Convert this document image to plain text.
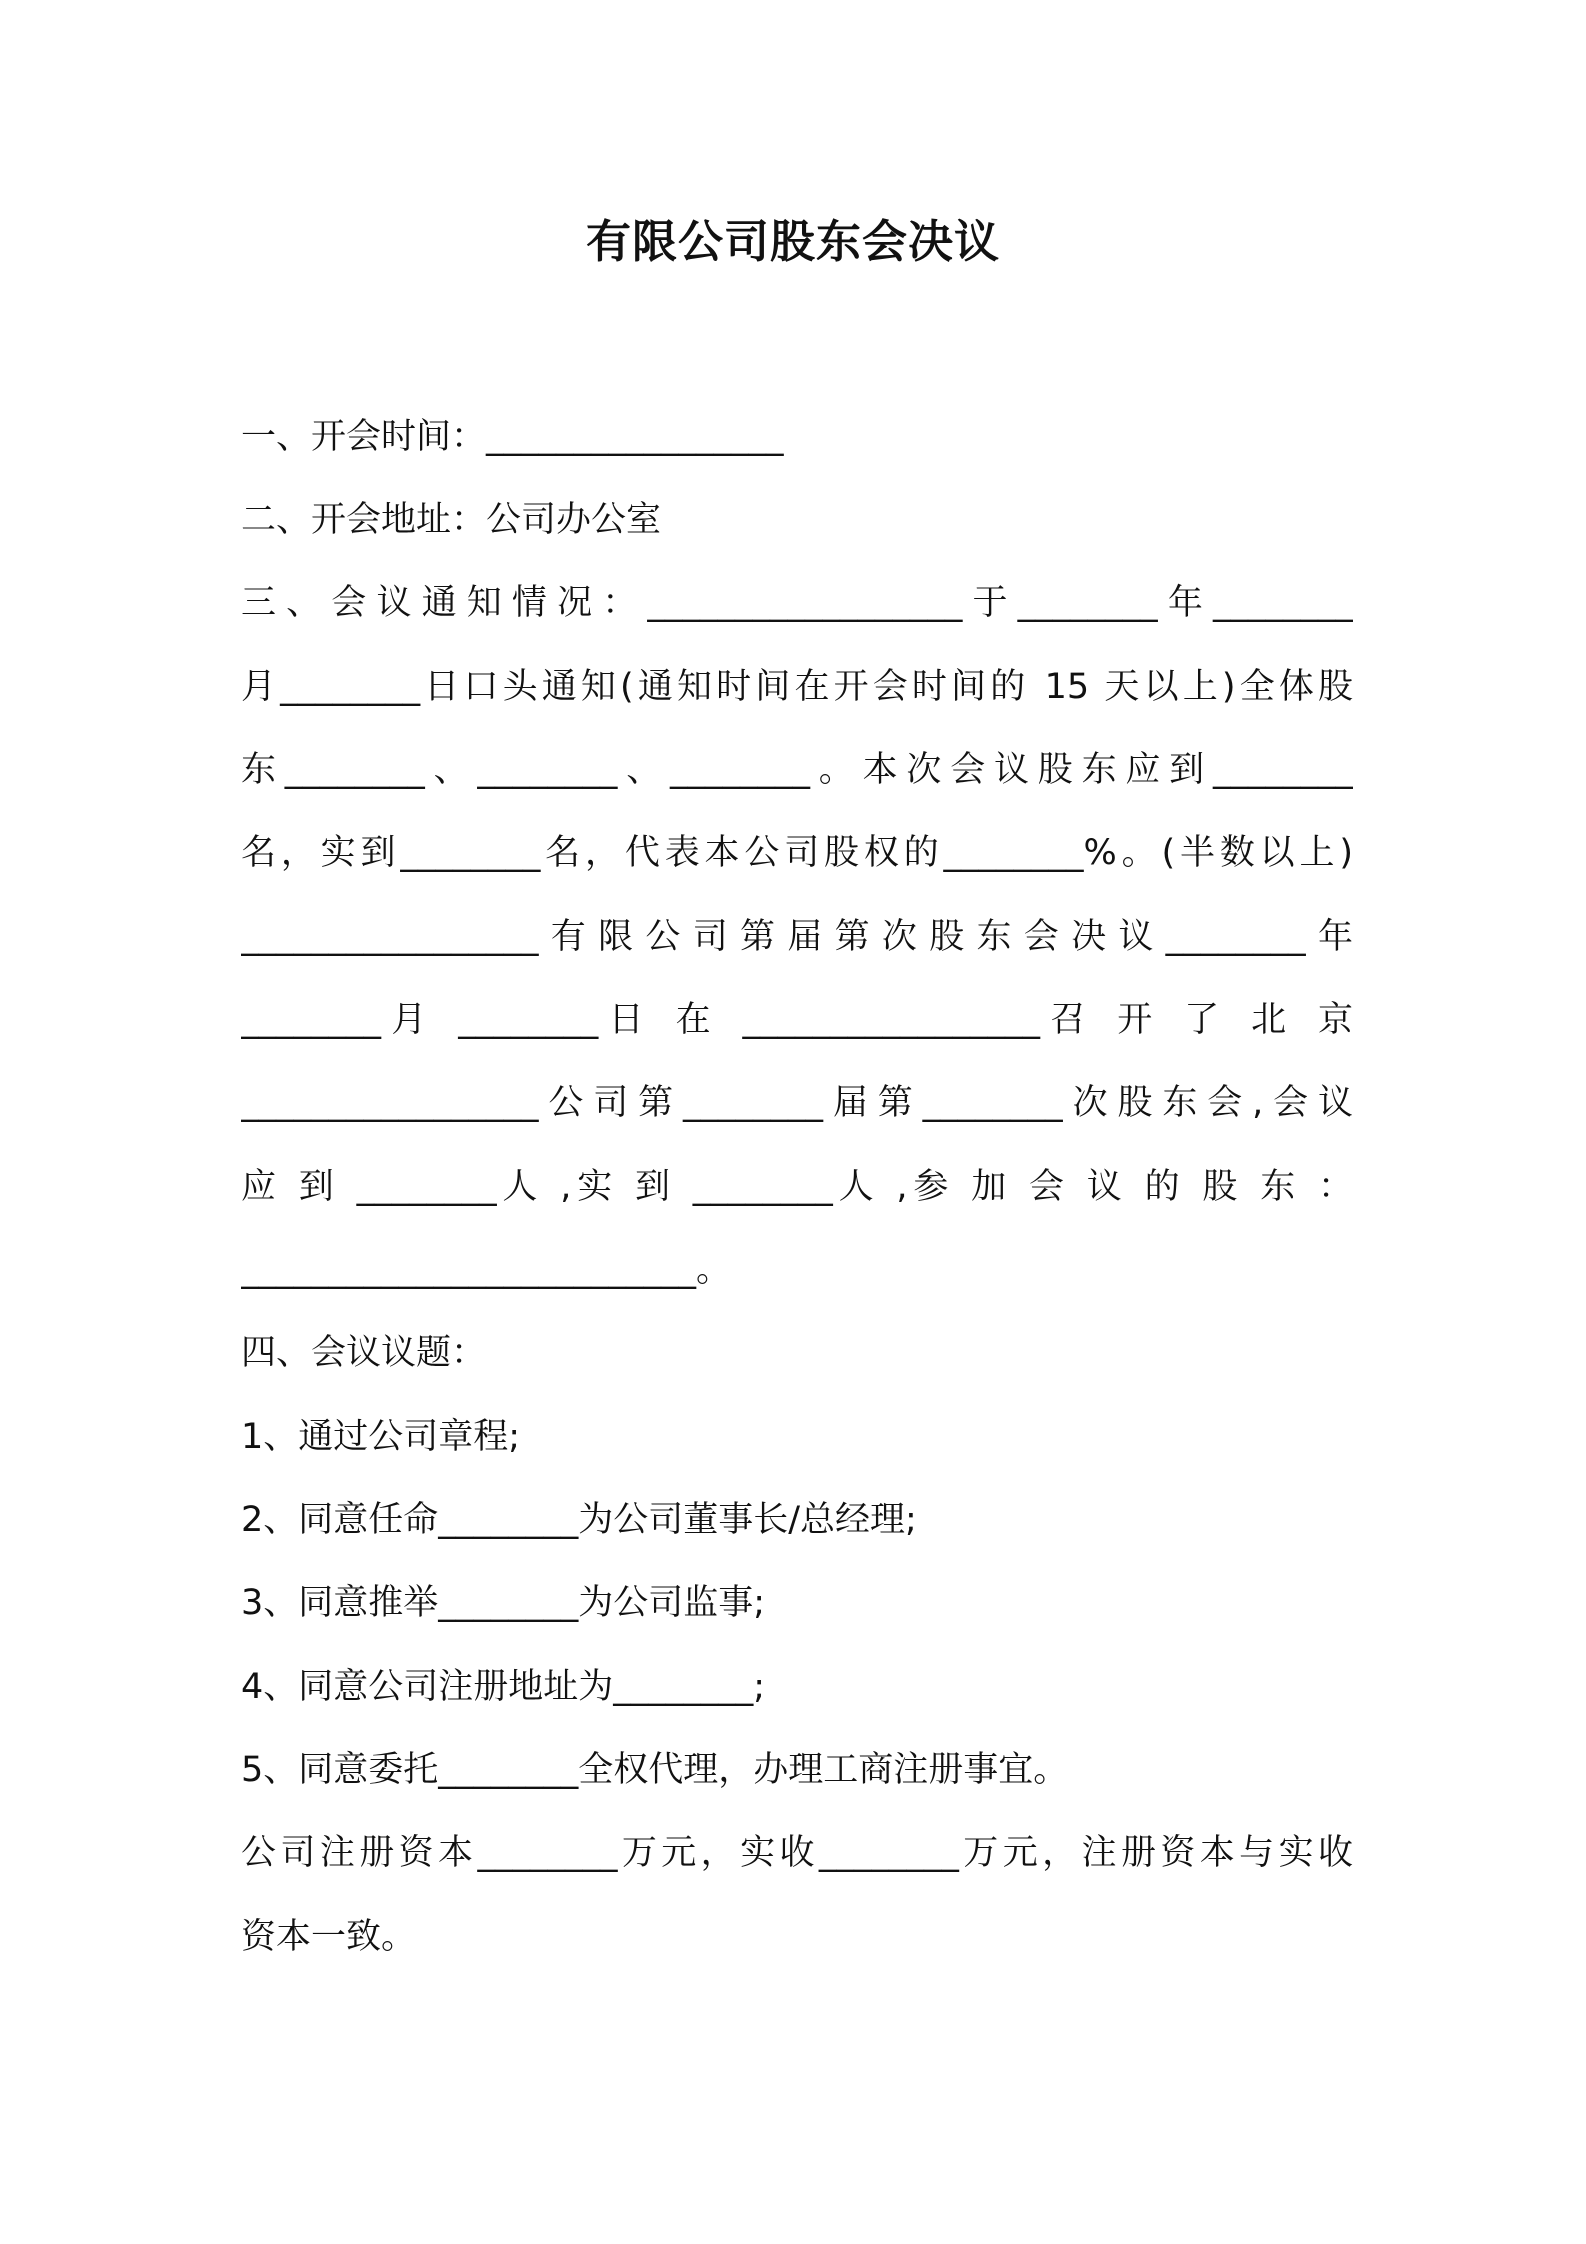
有限公司股东会决议
一、开会时间：_________________
二、开会地址：公司办公室
三、会议通知情况：__________________于________年________
月________日口头通知(通知时间在开会时间的 15 天以上)全体股
东________、________、________。本次会议股东应到________
名，实到________名，代表本公司股权的________%。(半数以上)
_________________有限公司第届第次股东会决议________年
________月 ________日 在 _________________召 开 了 北 京
_________________公司第________届第________次股东会,会议
应 到 ________人 ,实 到 ________人 ,参 加 会 议 的 股 东 ：
__________________________。
四、会议议题：
1、通过公司章程;
2、同意任命________为公司董事长/总经理;
3、同意推举________为公司监事;
4、同意公司注册地址为________;
5、同意委托________全权代理，办理工商注册事宜。
公司注册资本________万元，实收________万元，注册资本与实收
资本一致。
